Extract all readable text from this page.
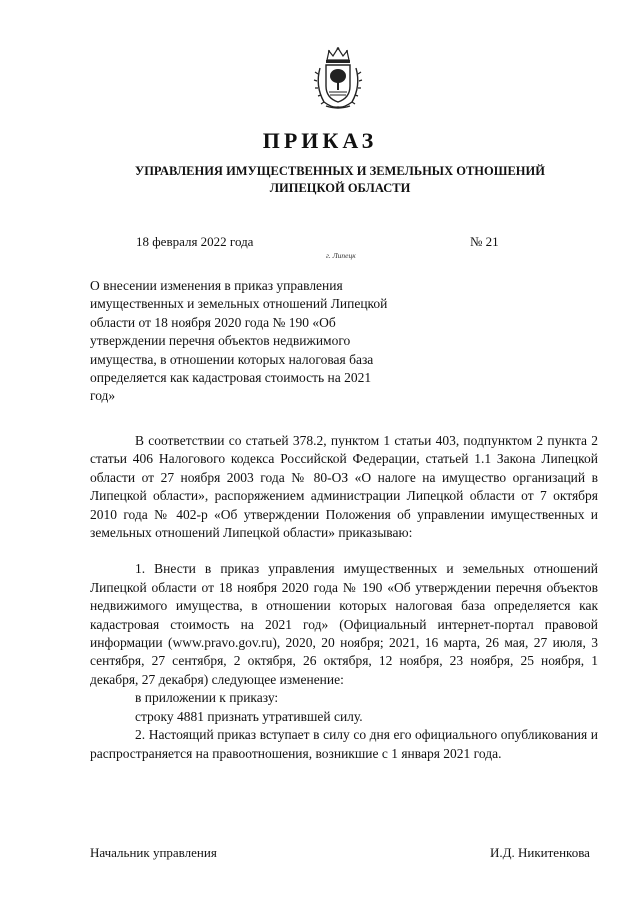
ПРИКАЗ
УПРАВЛЕНИЯ ИМУЩЕСТВЕННЫХ И ЗЕМЕЛЬНЫХ ОТНОШЕНИЙ
ЛИПЕЦКОЙ ОБЛАСТИ
18 февраля 2022 года
г. Липецк
№ 21
О внесении изменения в приказ управления имущественных и земельных отношений Липецкой области от 18 ноября 2020 года № 190 «Об утверждении перечня объектов недвижимого имущества, в отношении которых налоговая база определяется как кадастровая стоимость на 2021 год»

В соответствии со статьей 378.2, пунктом 1 статьи 403, подпунктом 2 пункта 2 статьи 406 Налогового кодекса Российской Федерации, статьей 1.1 Закона Липецкой области от 27 ноября 2003 года № 80-ОЗ «О налоге на имущество организаций в Липецкой области», распоряжением администрации Липецкой области от 7 октября 2010 года № 402-р «Об утверждении Положения об управлении имущественных и земельных отношений Липецкой области» приказываю:

1. Внести в приказ управления имущественных и земельных отношений Липецкой области от 18 ноября 2020 года № 190 «Об утверждении перечня объектов недвижимого имущества, в отношении которых налоговая база определяется как кадастровая стоимость на 2021 год» (Официальный интернет-портал правовой информации (www.pravo.gov.ru), 2020, 20 ноября; 2021, 16 марта, 26 мая, 27 июля, 3 сентября, 27 сентября, 2 октября, 26 октября, 12 ноября, 23 ноября, 25 ноября, 1 декабря, 27 декабря) следующее изменение:

в приложении к приказу:

строку 4881 признать утратившей силу.

2. Настоящий приказ вступает в силу со дня его официального опубликования и распространяется на правоотношения, возникшие с 1 января 2021 года.

Начальник управления	И.Д. Никитенкова
